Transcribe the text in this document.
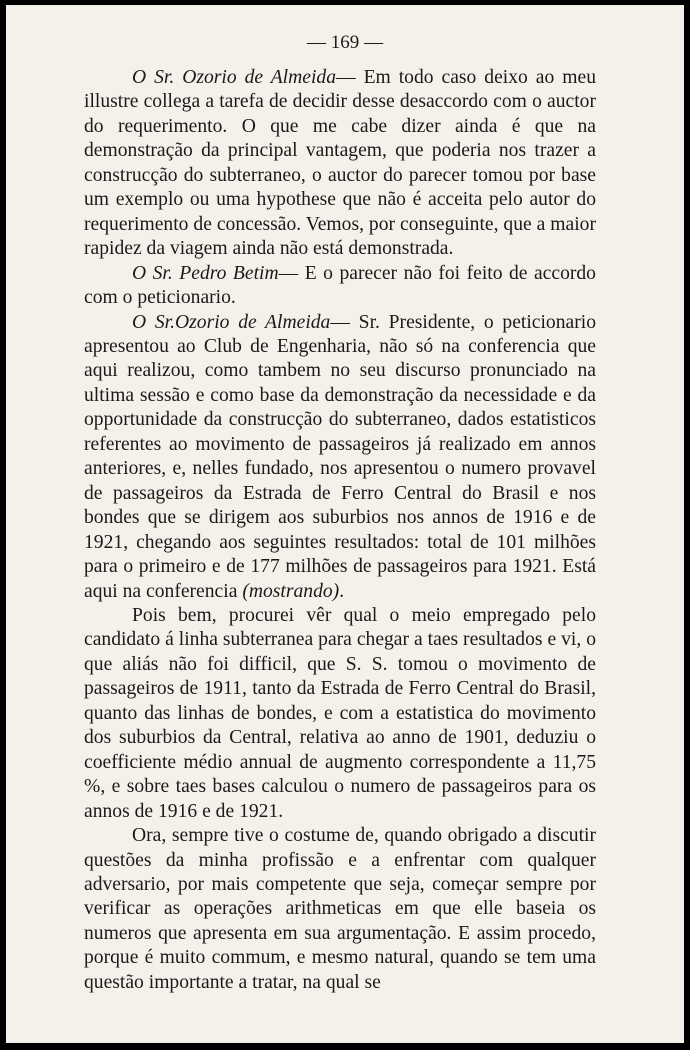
— 169 —

O Sr. Ozorio de Almeida— Em todo caso deixo ao meu illustre collega a tarefa de decidir desse desaccordo com o auctor do requerimento. O que me cabe dizer ainda é que na demonstração da principal vantagem, que poderia nos trazer a construcção do subterraneo, o auctor do parecer tomou por base um exemplo ou uma hypothese que não é acceita pelo autor do requerimento de concessão. Vemos, por conseguinte, que a maior rapidez da viagem ainda não está demonstrada.

O Sr. Pedro Betim— E o parecer não foi feito de accordo com o peticionario.

O Sr.Ozorio de Almeida— Sr. Presidente, o peticionario apresentou ao Club de Engenharia, não só na conferencia que aqui realizou, como tambem no seu discurso pronunciado na ultima sessão e como base da demonstração da necessidade e da opportunidade da construcção do subterraneo, dados estatisticos referentes ao movimento de passageiros já realizado em annos anteriores, e, nelles fundado, nos apresentou o numero provavel de passageiros da Estrada de Ferro Central do Brasil e nos bondes que se dirigem aos suburbios nos annos de 1916 e de 1921, chegando aos seguintes resultados: total de 101 milhões para o primeiro e de 177 milhões de passageiros para 1921. Está aqui na conferencia (mostrando).

Pois bem, procurei vêr qual o meio empregado pelo candidato á linha subterranea para chegar a taes resultados e vi, o que aliás não foi difficil, que S. S. tomou o movimento de passageiros de 1911, tanto da Estrada de Ferro Central do Brasil, quanto das linhas de bondes, e com a estatistica do movimento dos suburbios da Central, relativa ao anno de 1901, deduziu o coefficiente médio annual de augmento correspondente a 11,75 %, e sobre taes bases calculou o numero de passageiros para os annos de 1916 e de 1921.

Ora, sempre tive o costume de, quando obrigado a discutir questões da minha profissão e a enfrentar com qualquer adversario, por mais competente que seja, começar sempre por verificar as operações arithmeticas em que elle baseia os numeros que apresenta em sua argumentação. E assim procedo, porque é muito commum, e mesmo natural, quando se tem uma questão importante a tratar, na qual se
